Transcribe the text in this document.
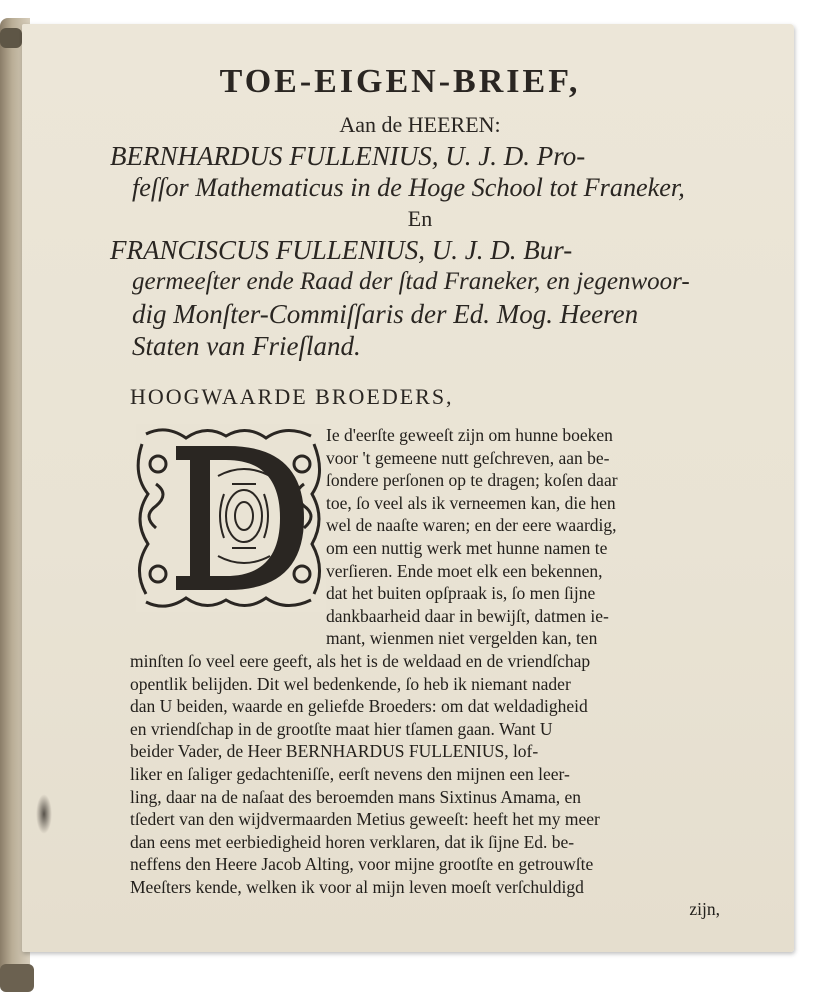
TOE-EIGEN-BRIEF,
Aan de HEEREN:
BERNHARDUS FULLENIUS, U. J. D. Pro-
feſſor Mathematicus in de Hoge School tot Franeker,
En
FRANCISCUS FULLENIUS, U. J. D. Bur-
germeeſter ende Raad der ſtad Franeker, en jegenwoor-
dig Monſter-Commiſſaris der Ed. Mog. Heeren
Staten van Frieſland.
HOOGWAARDE BROEDERS,
Ie d'eerſte geweeſt zijn om hunne boeken
voor 't gemeene nutt geſchreven, aan be-
ſondere perſonen op te dragen; koſen daar
toe, ſo veel als ik verneemen kan, die hen
wel de naaſte waren; en der eere waardig,
om een nuttig werk met hunne namen te
verſieren. Ende moet elk een bekennen,
dat het buiten opſpraak is, ſo men ſijne
dankbaarheid daar in bewijſt, datmen ie-
mant, wienmen niet vergelden kan, ten
minſten ſo veel eere geeft, als het is de weldaad en de vriendſchap
opentlik belijden. Dit wel bedenkende, ſo heb ik niemant nader
dan U beiden, waarde en geliefde Broeders: om dat weldadigheid
en vriendſchap in de grootſte maat hier tſamen gaan. Want U
beider Vader, de Heer BERNHARDUS FULLENIUS, lof-
liker en ſaliger gedachteniſſe, eerſt nevens den mijnen een leer-
ling, daar na de naſaat des beroemden mans Sixtinus Amama, en
tſedert van den wijdvermaarden Metius geweeſt: heeft het my meer
dan eens met eerbiedigheid horen verklaren, dat ik ſijne Ed. be-
neffens den Heere Jacob Alting, voor mijne grootſte en getrouwſte
Meeſters kende, welken ik voor al mijn leven moeſt verſchuldigd
zijn,
